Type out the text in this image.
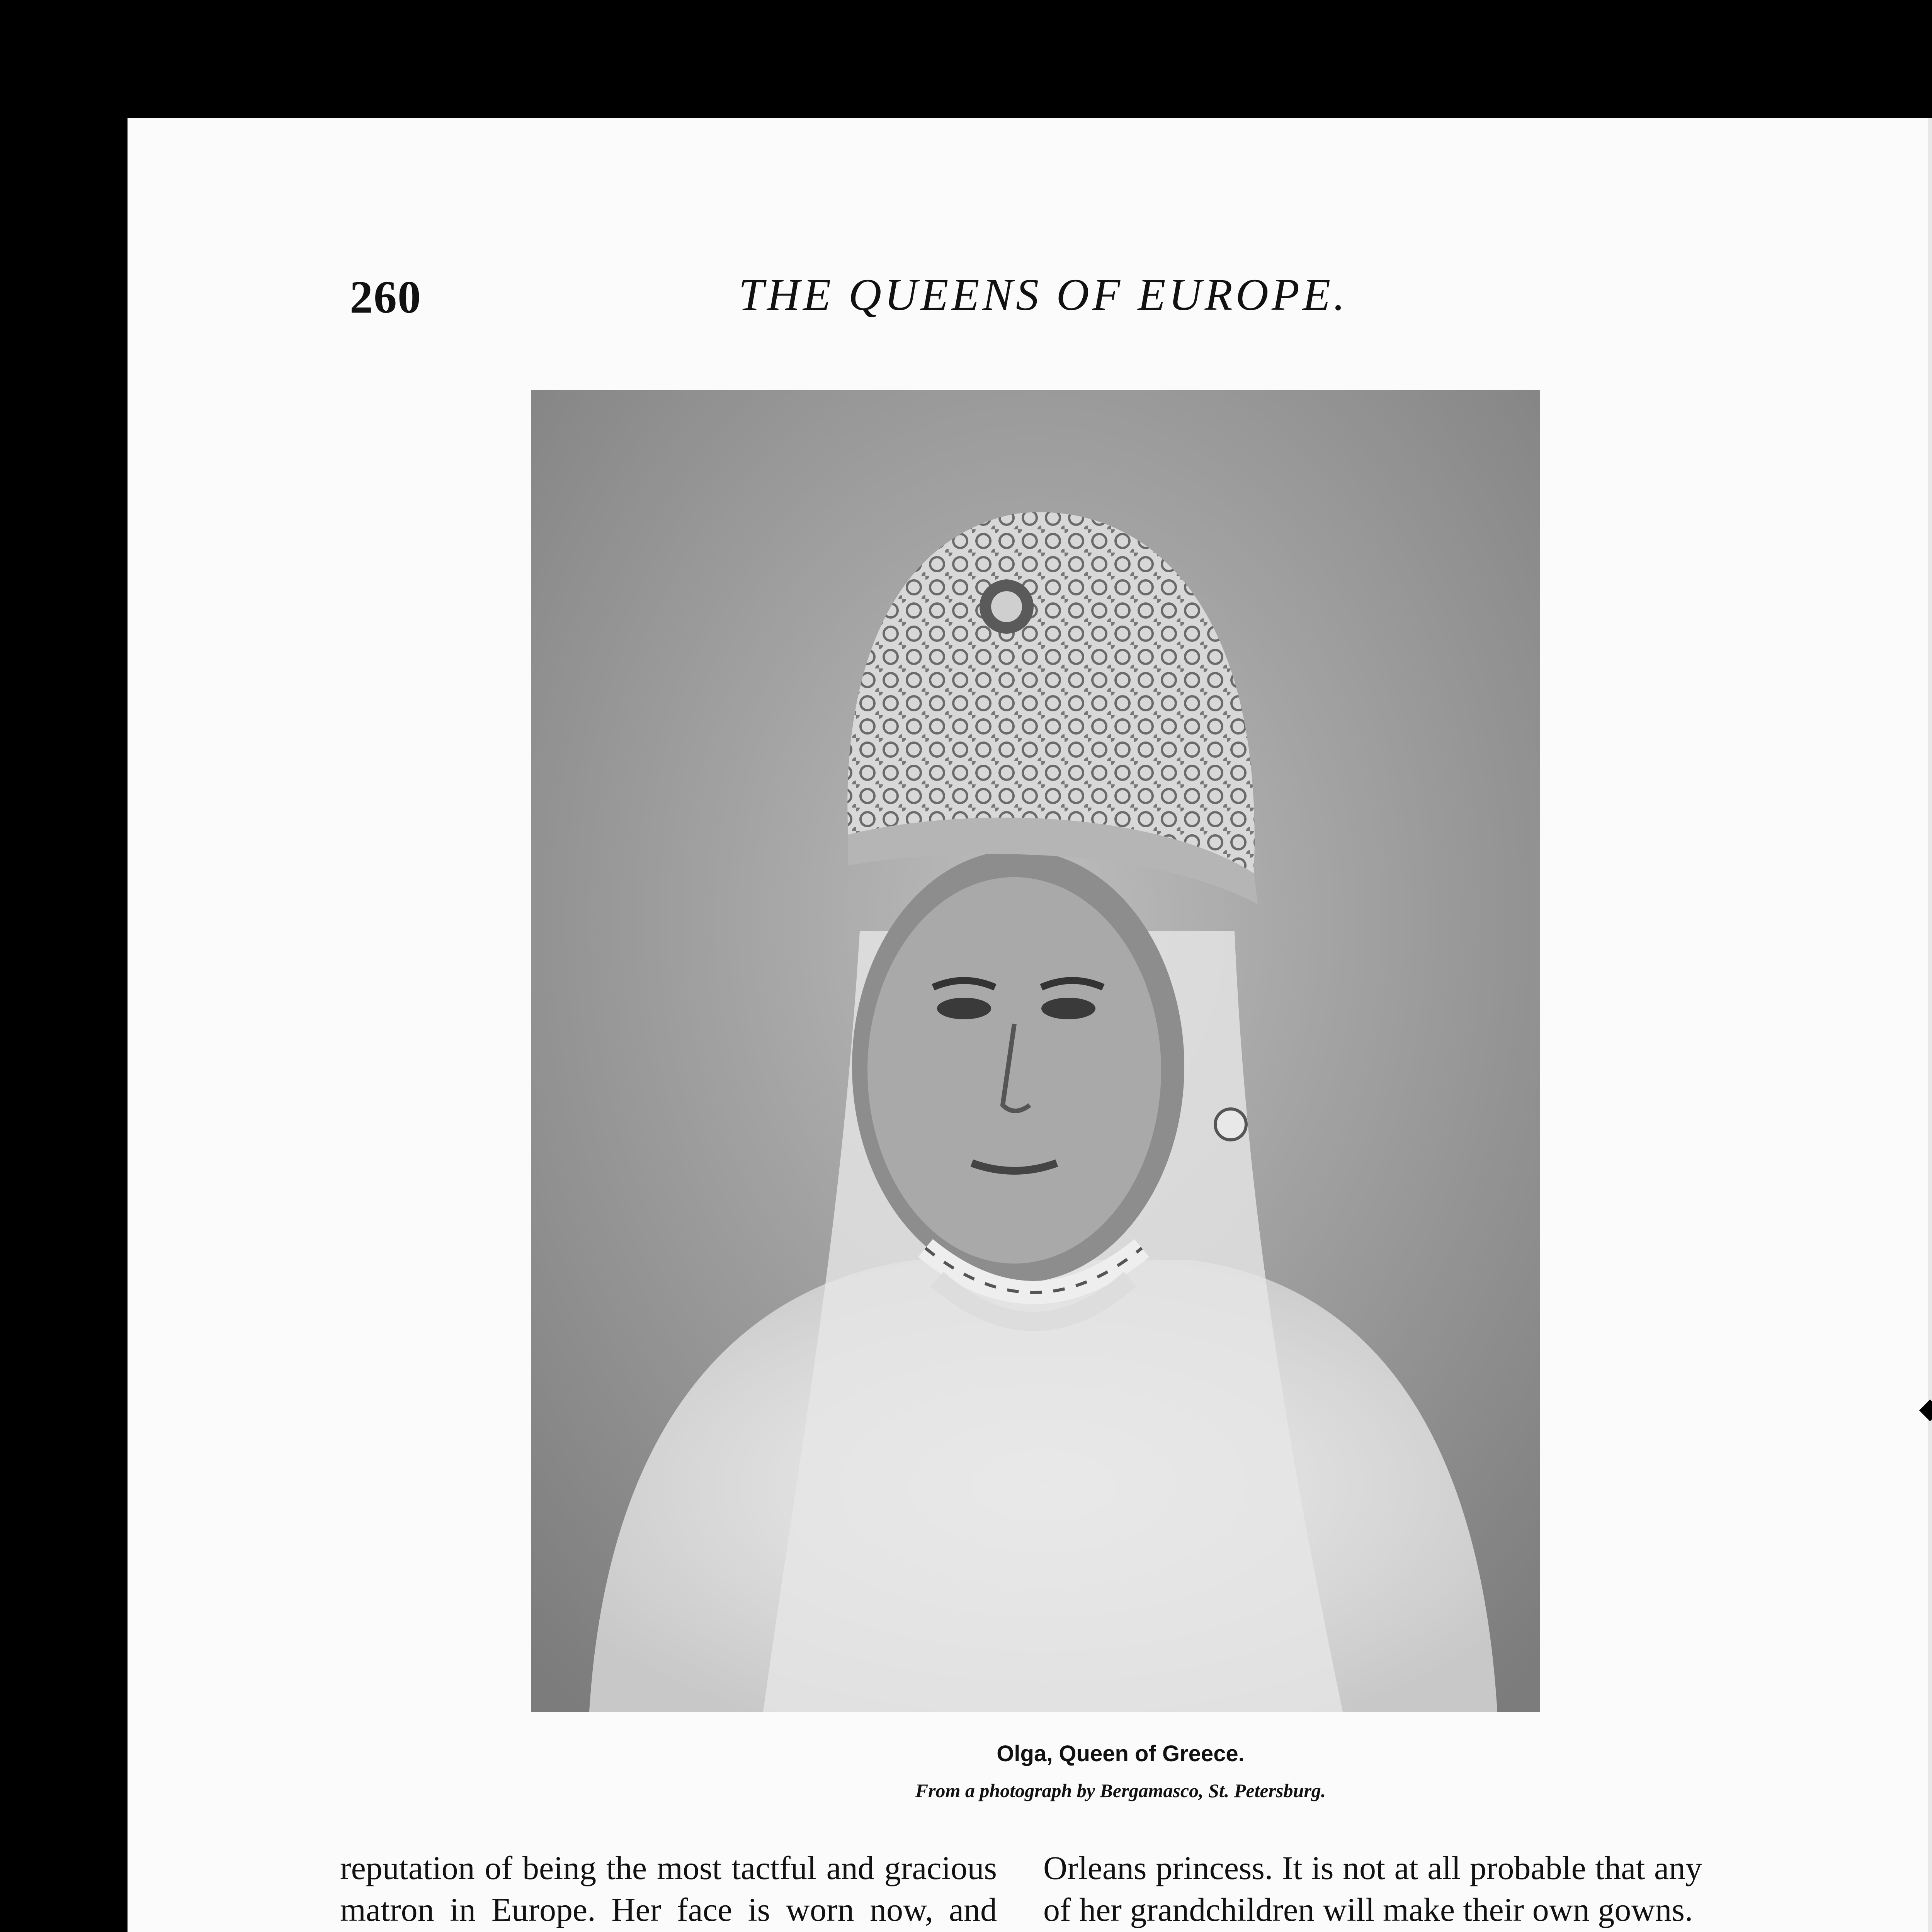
260	THE QUEENS OF EUROPE.
Olga, Queen of Greece.
From a photograph by Bergamasco, St. Petersburg.

reputation of being the most tactful and gracious matron in Europe. Her face is worn now, and

Orleans princess. It is not at all probable that any of her grandchildren will make their own gowns.
